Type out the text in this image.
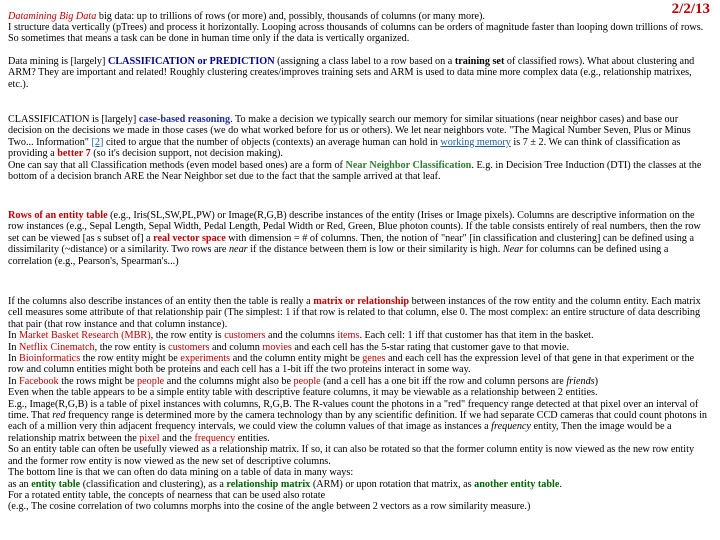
2/2/13

Datamining Big Data big data: up to trillions of rows (or more) and, possibly, thousands of columns (or many more).

I structure data vertically (pTrees) and process it horizontally. Looping across thousands of columns can be orders of magnitude faster than looping down trillions of rows. So sometimes that means a task can be done in human time only if the data is vertically organized.

Data mining is [largely] CLASSIFICATION or PREDICTION (assigning a class label to a row based on a training set of classified rows). What about clustering and ARM? They are important and related! Roughly clustering creates/improves training sets and ARM is used to data mine more complex data (e.g., relationship matrixes, etc.).

CLASSIFICATION is [largely] case-based reasoning. To make a decision we typically search our memory for similar situations (near neighbor cases) and base our decision on the decisions we made in those cases (we do what worked before for us or others). We let near neighbors vote. "The Magical Number Seven, Plus or Minus Two... Information" [2] cited to argue that the number of objects (contexts) an average human can hold in working memory is 7 ± 2. We can think of classification as providing a better 7 (so it's decision support, not decision making).
One can say that all Classification methods (even model based ones) are a form of Near Neighbor Classification. E.g. in Decision Tree Induction (DTI) the classes at the bottom of a decision branch ARE the Near Neighbor set due to the fact that the sample arrived at that leaf.

Rows of an entity table (e.g., Iris(SL,SW,PL,PW) or Image(R,G,B) describe instances of the entity (Irises or Image pixels). Columns are descriptive information on the row instances (e.g., Sepal Length, Sepal Width, Pedal Length, Pedal Width or Red, Green, Blue photon counts). If the table consists entirely of real numbers, then the row set can be viewed [as s subset of] a real vector space with dimension = # of columns. Then, the notion of "near" [in classification and clustering] can be defined using a dissimilarity (~distance) or a similarity. Two rows are near if the distance between them is low or their similarity is high. Near for columns can be defined using a correlation (e.g., Pearson's, Spearman's...)

If the columns also describe instances of an entity then the table is really a matrix or relationship between instances of the row entity and the column entity. Each matrix cell measures some attribute of that relationship pair (The simplest: 1 if that row is related to that column, else 0. The most complex: an entire structure of data describing that pair (that row instance and that column instance).
In Market Basket Research (MBR), the row entity is customers and the columns items. Each cell: 1 iff that customer has that item in the basket.
In Netflix Cinematch, the row entity is customers and column movies and each cell has the 5-star rating that customer gave to that movie.
In Bioinformatics the row entity might be experiments and the column entity might be genes and each cell has the expression level of that gene in that experiment or the row and column entities might both be proteins and each cell has a 1-bit iff the two proteins interact in some way.
In Facebook the rows might be people and the columns might also be people (and a cell has a one bit iff the row and column persons are friends)
Even when the table appears to be a simple entity table with descriptive feature columns, it may be viewable as a relationship between 2 entities.
E.g., Image(R,G,B) is a table of pixel instances with columns, R,G,B. The R-values count the photons in a "red" frequency range detected at that pixel over an interval of time. That red frequency range is determined more by the camera technology than by any scientific definition. If we had separate CCD cameras that could count photons in each of a million very thin adjacent frequency intervals, we could view the column values of that image as instances a frequency entity, Then the image would be a relationship matrix between the pixel and the frequency entities.
So an entity table can often be usefully viewed as a relationship matrix. If so, it can also be rotated so that the former column entity is now viewed as the new row entity and the former row entity is now viewed as the new set of descriptive columns.
The bottom line is that we can often do data mining on a table of data in many ways:
as an entity table (classification and clustering), as a relationship matrix (ARM) or upon rotation that matrix, as another entity table.
For a rotated entity table, the concepts of nearness that can be used also rotate
(e.g., The cosine correlation of two columns morphs into the cosine of the angle between 2 vectors as a row similarity measure.)
